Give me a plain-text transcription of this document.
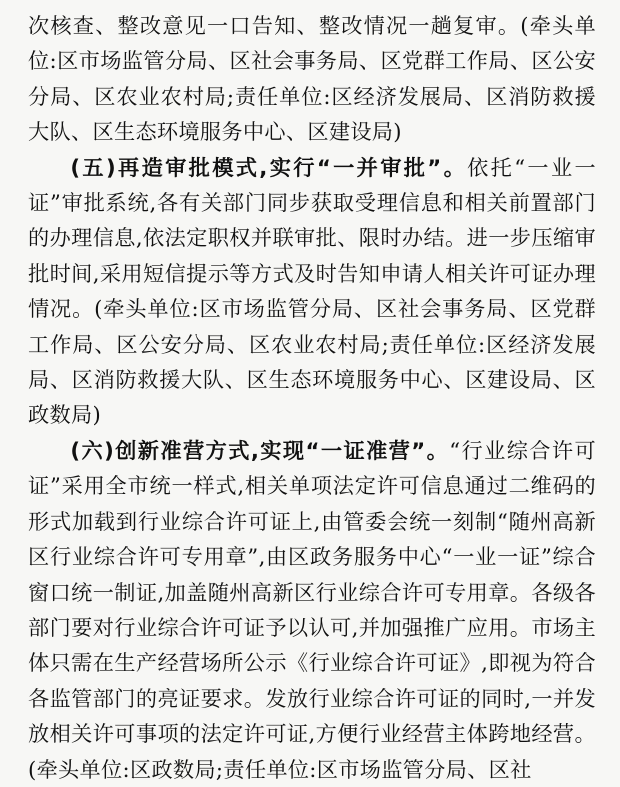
次核查、整改意见一口告知、整改情况一趟复审。(牵头单位:区市场监管分局、区社会事务局、区党群工作局、区公安分局、区农业农村局;责任单位:区经济发展局、区消防救援大队、区生态环境服务中心、区建设局)

(五)再造审批模式,实行“一并审批”。依托“一业一证”审批系统,各有关部门同步获取受理信息和相关前置部门的办理信息,依法定职权并联审批、限时办结。进一步压缩审批时间,采用短信提示等方式及时告知申请人相关许可证办理情况。(牵头单位:区市场监管分局、区社会事务局、区党群工作局、区公安分局、区农业农村局;责任单位:区经济发展局、区消防救援大队、区生态环境服务中心、区建设局、区政数局)

(六)创新准营方式,实现“一证准营”。“行业综合许可证”采用全市统一样式,相关单项法定许可信息通过二维码的形式加载到行业综合许可证上,由管委会统一刻制“随州高新区行业综合许可专用章”,由区政务服务中心“一业一证”综合窗口统一制证,加盖随州高新区行业综合许可专用章。各级各部门要对行业综合许可证予以认可,并加强推广应用。市场主体只需在生产经营场所公示《行业综合许可证》,即视为符合各监管部门的亮证要求。发放行业综合许可证的同时,一并发放相关许可事项的法定许可证,方便行业经营主体跨地经营。(牵头单位:区政数局;责任单位:区市场监管分局、区社
